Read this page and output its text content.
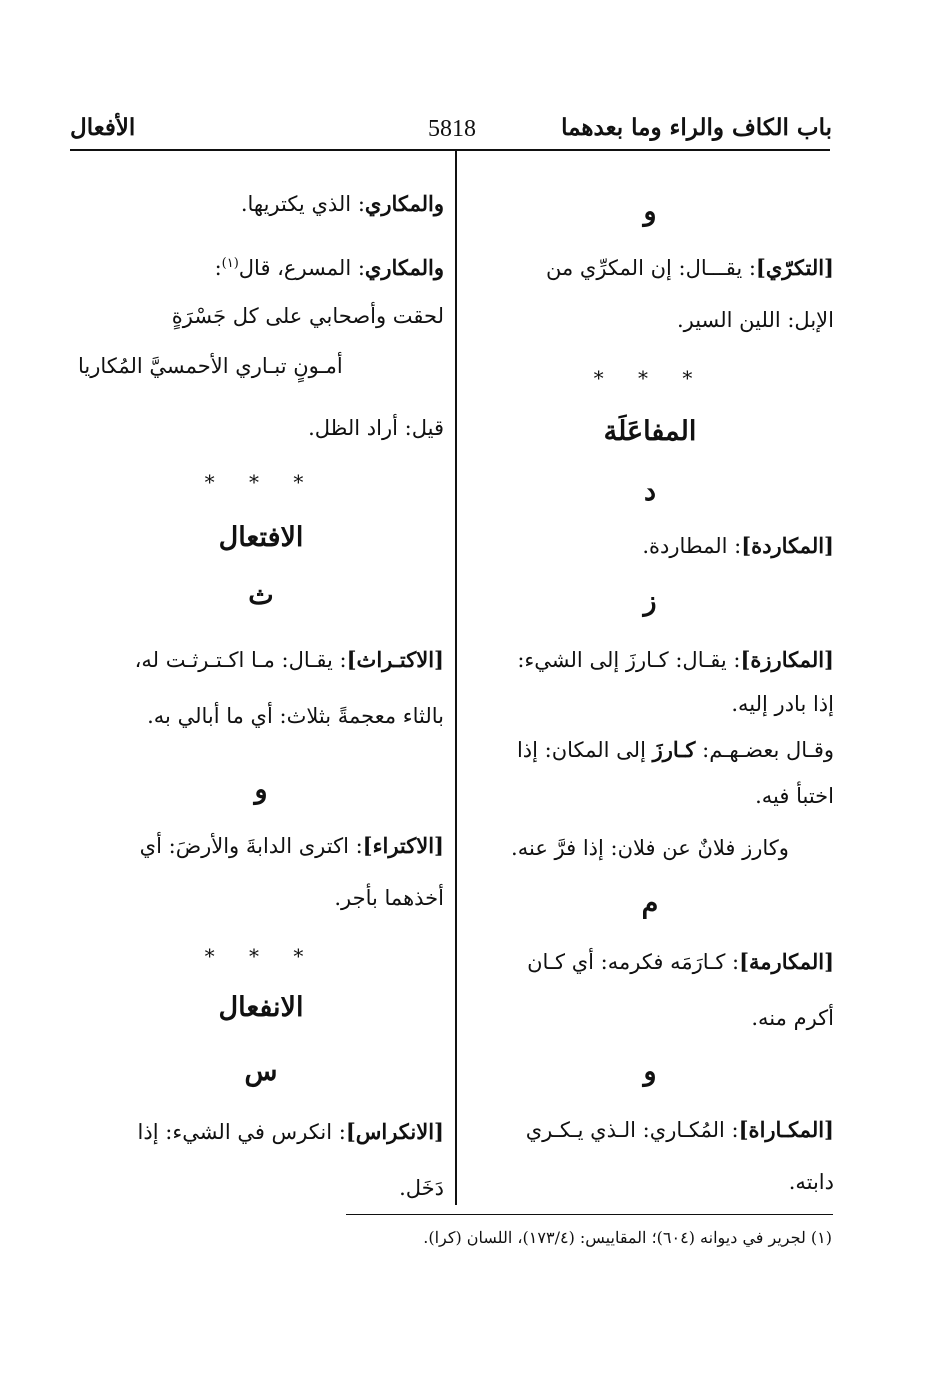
باب الكاف والراء وما بعدهما
5818
الأفعال
و
[التكرّي]: يقـــال: إن المكرِّي من
الإبل: اللين السير.
* * *
المفاعَلَة
د
[المكاردة]: المطاردة.
ز
[المكارزة]: يقـال: كـارزَ إلى الشيء:
إذا بادر إليه.
وقـال بعضـهـم: كـارزَ إلى المكان: إذا
اختبأ فيه.
وكارز فلانٌ عن فلان: إذا فرَّ عنه.
م
[المكارمة]: كـارَمَه فكرمه: أي كـان
أكرم منه.
و
[المكـاراة]: المُكـاري: الـذي يـكـري
دابته.
والمكاري: الذي يكتريها.
والمكاري: المسرع، قال$^{(١)}$:
لحقت وأصحابي على كل جَسْرَةٍ
أمـونٍ تبـاري الأحمسيَّ المُكاريا
قيل: أراد الظل.
* * *
الافتعال
ث
[الاكتـراث]: يقـال: مـا اكـتـرثـت له،
بالثاء معجمةً بثلاث: أي ما أبالي به.
و
[الاكتراء]: اكترى الدابةَ والأرضَ: أي
أخذهما بأجر.
* * *
الانفعال
س
[الانكراس]: انكرس في الشيء: إذا
دَخَل.
(١) لجرير في ديوانه (٦٠٤)؛ المقاييس: (١٧٣/٤)، اللسان (كرا).
